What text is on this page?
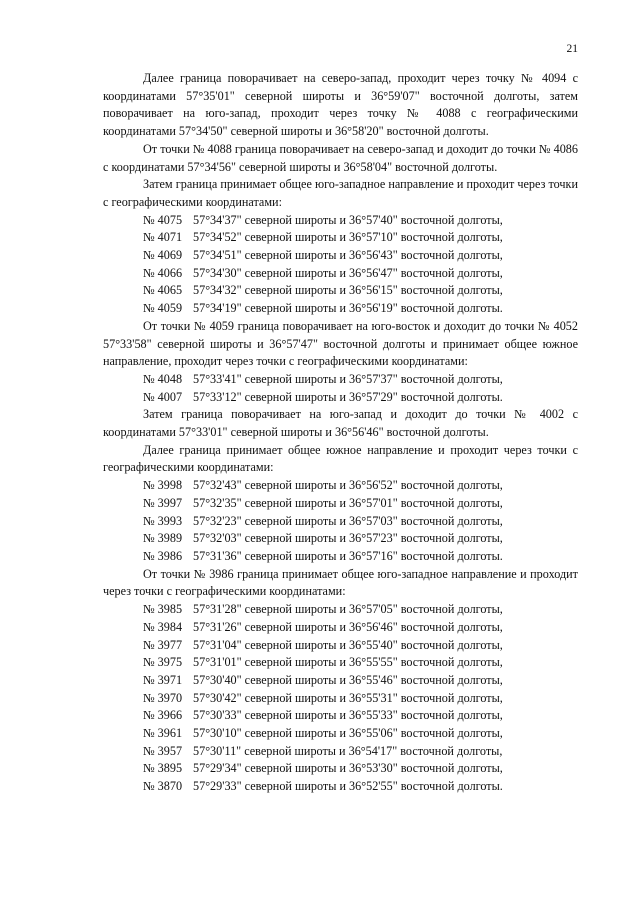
21

Далее граница поворачивает на северо-запад, проходит через точку № 4094 с координатами 57°35'01" северной широты и 36°59'07" восточной долготы, затем поворачивает на юго-запад, проходит через точку № 4088 с географическими координатами 57°34'50" северной широты и 36°58'20" восточной долготы.

От точки № 4088 граница поворачивает на северо-запад и доходит до точки № 4086 с координатами 57°34'56" северной широты и 36°58'04" восточной долготы.

Затем граница принимает общее юго-западное направление и проходит через точки с географическими координатами:

№ 4075 57°34'37" северной широты и 36°57'40" восточной долготы,
№ 4071 57°34'52" северной широты и 36°57'10" восточной долготы,
№ 4069 57°34'51" северной широты и 36°56'43" восточной долготы,
№ 4066 57°34'30" северной широты и 36°56'47" восточной долготы,
№ 4065 57°34'32" северной широты и 36°56'15" восточной долготы,
№ 4059 57°34'19" северной широты и 36°56'19" восточной долготы.

От точки № 4059 граница поворачивает на юго-восток и доходит до точки № 4052 57°33'58" северной широты и 36°57'47" восточной долготы и принимает общее южное направление, проходит через точки с географическими координатами:

№ 4048 57°33'41" северной широты и 36°57'37" восточной долготы,
№ 4007 57°33'12" северной широты и 36°57'29" восточной долготы.

Затем граница поворачивает на юго-запад и доходит до точки № 4002 с координатами 57°33'01" северной широты и 36°56'46" восточной долготы.

Далее граница принимает общее южное направление и проходит через точки с географическими координатами:

№ 3998 57°32'43" северной широты и 36°56'52" восточной долготы,
№ 3997 57°32'35" северной широты и 36°57'01" восточной долготы,
№ 3993 57°32'23" северной широты и 36°57'03" восточной долготы,
№ 3989 57°32'03" северной широты и 36°57'23" восточной долготы,
№ 3986 57°31'36" северной широты и 36°57'16" восточной долготы.

От точки № 3986 граница принимает общее юго-западное направление и проходит через точки с географическими координатами:

№ 3985 57°31'28" северной широты и 36°57'05" восточной долготы,
№ 3984 57°31'26" северной широты и 36°56'46" восточной долготы,
№ 3977 57°31'04" северной широты и 36°55'40" восточной долготы,
№ 3975 57°31'01" северной широты и 36°55'55" восточной долготы,
№ 3971 57°30'40" северной широты и 36°55'46" восточной долготы,
№ 3970 57°30'42" северной широты и 36°55'31" восточной долготы,
№ 3966 57°30'33" северной широты и 36°55'33" восточной долготы,
№ 3961 57°30'10" северной широты и 36°55'06" восточной долготы,
№ 3957 57°30'11" северной широты и 36°54'17" восточной долготы,
№ 3895 57°29'34" северной широты и 36°53'30" восточной долготы,
№ 3870 57°29'33" северной широты и 36°52'55" восточной долготы.
